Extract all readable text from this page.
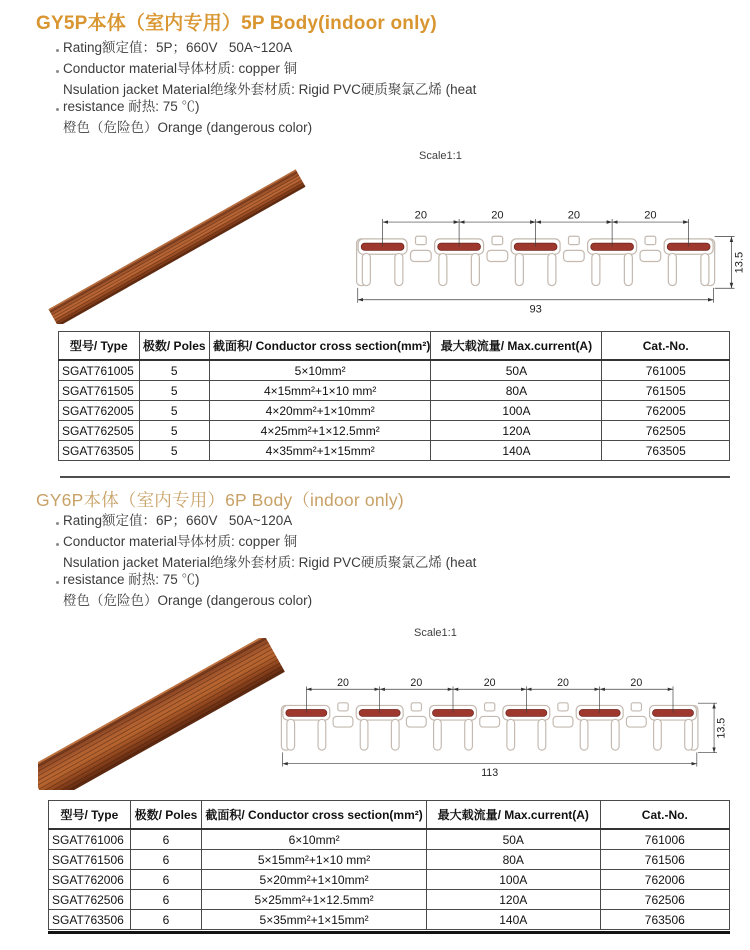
GY5P本体（室内专用）5P Body(indoor only)
Rating额定值：5P；660V   50A~120A
Conductor material导体材质: copper 铜
Nsulation jacket Material绝缘外套材质: Rigid PVC硬质聚氯乙烯 (heat resistance 耐热: 75 ℃)
橙色（危险色）Orange (dangerous color)
Scale1:1
20	20	20	20
93
13.5
型号/ Type	极数/ Poles	截面积/ Conductor cross section(mm²)	最大载流量/ Max.current(A)	Cat.-No.
SGAT761005	5	5×10mm²	50A	761005
SGAT761505	5	4×15mm²+1×10 mm²	80A	761505
SGAT762005	5	4×20mm²+1×10mm²	100A	762005
SGAT762505	5	4×25mm²+1×12.5mm²	120A	762505
SGAT763505	5	4×35mm²+1×15mm²	140A	763505
GY6P本体（室内专用）6P Body（indoor only)
Rating额定值：6P；660V   50A~120A
Conductor material导体材质: copper 铜
Nsulation jacket Material绝缘外套材质: Rigid PVC硬质聚氯乙烯 (heat resistance 耐热: 75 ℃)
橙色（危险色）Orange (dangerous color)
Scale1:1
20	20	20	20	20
113
13.5
型号/ Type	极数/ Poles	截面积/ Conductor cross section(mm²)	最大载流量/ Max.current(A)	Cat.-No.
SGAT761006	6	6×10mm²	50A	761006
SGAT761506	6	5×15mm²+1×10 mm²	80A	761506
SGAT762006	6	5×20mm²+1×10mm²	100A	762006
SGAT762506	6	5×25mm²+1×12.5mm²	120A	762506
SGAT763506	6	5×35mm²+1×15mm²	140A	763506
